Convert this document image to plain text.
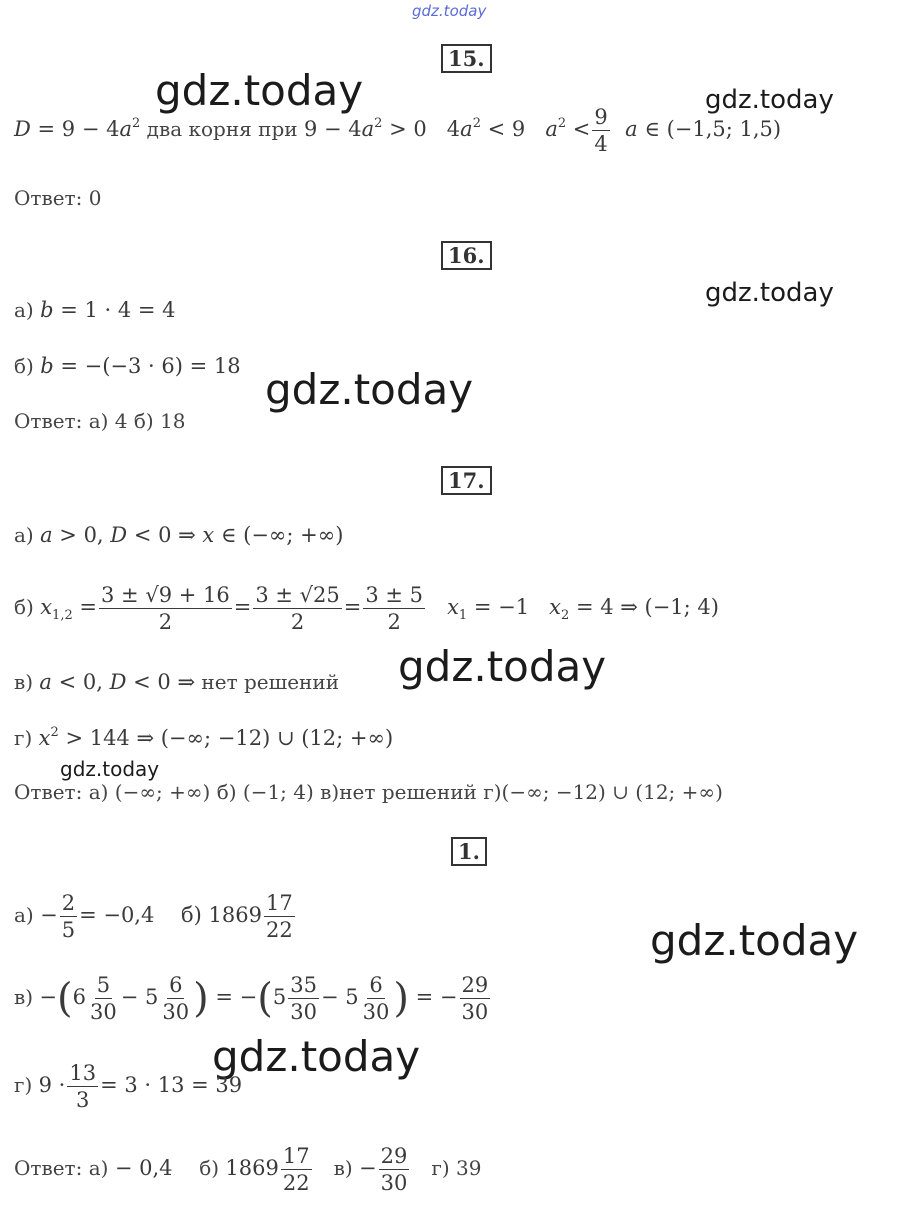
gdz.today
gdz.today	gdz.today
gdz.today
gdz.today
gdz.today
gdz.today
gdz.today
gdz.today
15.
$D = 9 - 4a^2$ два корня при $9 - 4a^2 > 0$   $4a^2 < 9$   $a^2 < \frac{9}{4}$ a ∈ (−1,5; 1,5)
Ответ: 0
16.
а) b = 1 · 4 = 4
б) b = −(−3 · 6) = 18
Ответ: а) 4 б) 18
17.
а) a > 0, D < 0 ⇒ x ∈ (−∞; +∞)
б) $x_{1,2} = \frac{3 \pm √9 + 16}{2} = \frac{3 \pm √25}{2} = \frac{3 \pm 5}{2} x_1 = -1$   $x_2 = 4$ ⇒ (−1; 4)
в) a < 0, D < 0 ⇒ нет решений
г) $x^2 > 144$ ⇒ (−∞; −12) ∪ (12; +∞)
Ответ: а) (−∞; +∞) б) (−1; 4) в)нет решений г)(−∞; −12) ∪ (12; +∞)
1.
$а) - \frac{2}{5} = -0,4$    б) $1869 \frac{17}{22}$
$в) -(6 \frac{5}{30} - 5 \frac{6}{30}$ ) = $-(5 \frac{35}{30} - 5 \frac{6}{30}$ ) = − $\frac{29}{30}$
г) $9 \cdot \frac{13}{3} = 3 \cdot 13 = 39$
Ответ: а) − 0,4    б) $1869 \frac{17}{22} в) - \frac{29}{30} г$) 39
